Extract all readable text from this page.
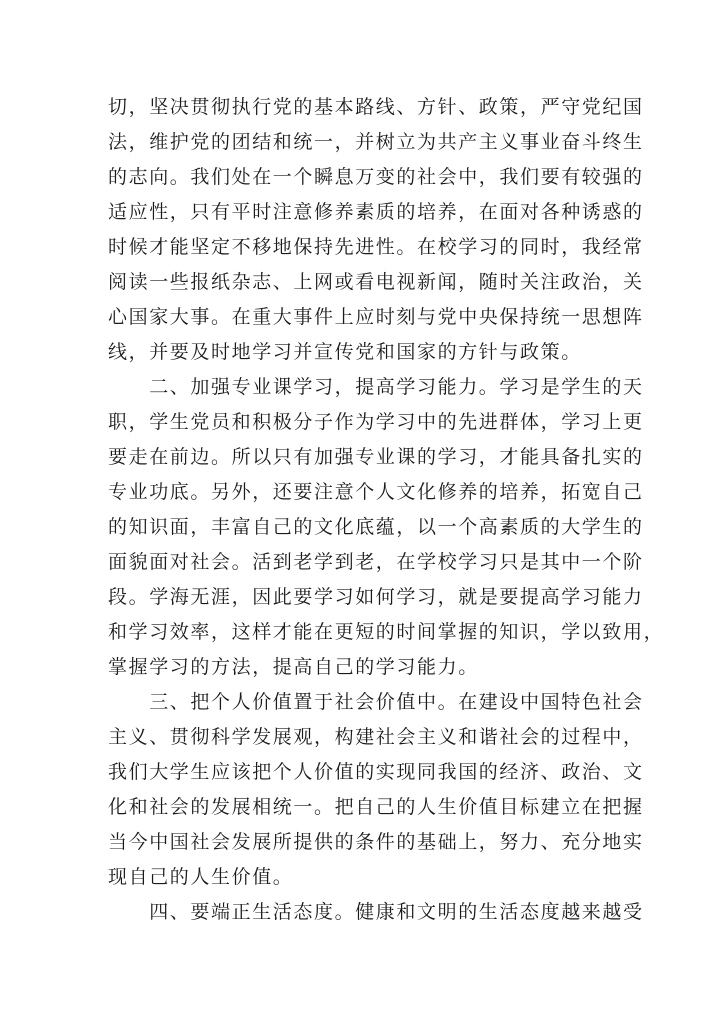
切，坚决贯彻执行党的基本路线、方针、政策，严守党纪国
法，维护党的团结和统一，并树立为共产主义事业奋斗终生
的志向。我们处在一个瞬息万变的社会中，我们要有较强的
适应性，只有平时注意修养素质的培养，在面对各种诱惑的
时候才能坚定不移地保持先进性。在校学习的同时，我经常
阅读一些报纸杂志、上网或看电视新闻，随时关注政治，关
心国家大事。在重大事件上应时刻与党中央保持统一思想阵
线，并要及时地学习并宣传党和国家的方针与政策。
　　二、加强专业课学习，提高学习能力。学习是学生的天
职，学生党员和积极分子作为学习中的先进群体，学习上更
要走在前边。所以只有加强专业课的学习，才能具备扎实的
专业功底。另外，还要注意个人文化修养的培养，拓宽自己
的知识面，丰富自己的文化底蕴，以一个高素质的大学生的
面貌面对社会。活到老学到老，在学校学习只是其中一个阶
段。学海无涯，因此要学习如何学习，就是要提高学习能力
和学习效率，这样才能在更短的时间掌握的知识，学以致用，
掌握学习的方法，提高自己的学习能力。
　　三、把个人价值置于社会价值中。在建设中国特色社会
主义、贯彻科学发展观，构建社会主义和谐社会的过程中，
我们大学生应该把个人价值的实现同我国的经济、政治、文
化和社会的发展相统一。把自己的人生价值目标建立在把握
当今中国社会发展所提供的条件的基础上，努力、充分地实
现自己的人生价值。
　　四、要端正生活态度。健康和文明的生活态度越来越受
